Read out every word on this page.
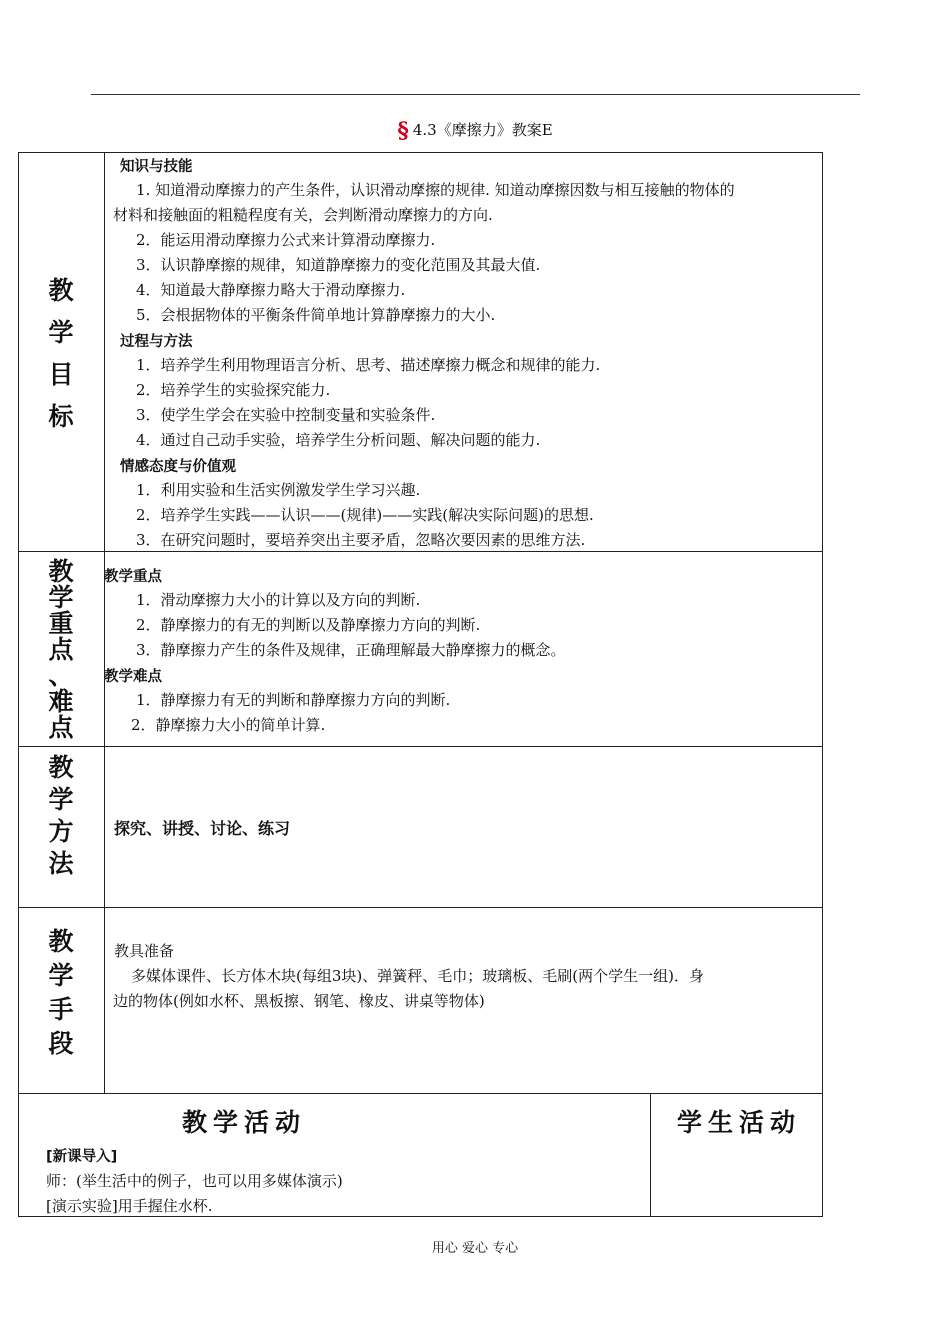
§ 4.3《摩擦力》教案E
教
学
目
标
知识与技能
1. 知道滑动摩擦力的产生条件，认识滑动摩擦的规律. 知道动摩擦因数与相互接触的物体的
材料和接触面的粗糙程度有关，会判断滑动摩擦力的方向.
2．能运用滑动摩擦力公式来计算滑动摩擦力.
3．认识静摩擦的规律，知道静摩擦力的变化范围及其最大值.
4．知道最大静摩擦力略大于滑动摩擦力.
5．会根据物体的平衡条件简单地计算静摩擦力的大小.
过程与方法
1．培养学生利用物理语言分析、思考、描述摩擦力概念和规律的能力.
2．培养学生的实验探究能力.
3．使学生学会在实验中控制变量和实验条件.
4．通过自己动手实验，培养学生分析问题、解决问题的能力.
情感态度与价值观
1．利用实验和生活实例激发学生学习兴趣.
2．培养学生实践——认识——(规律)——实践(解决实际问题)的思想.
3．在研究问题时，要培养突出主要矛盾，忽略次要因素的思维方法.
教
学
重
点
、
难
点
教学重点
1．滑动摩擦力大小的计算以及方向的判断.
2．静摩擦力的有无的判断以及静摩擦力方向的判断.
3．静摩擦力产生的条件及规律，正确理解最大静摩擦力的概念。
教学难点
1．静摩擦力有无的判断和静摩擦力方向的判断.
2．静摩擦力大小的简单计算.
教
学
方
法
探究、讲授、讨论、练习
教
学
手
段
教具准备
多媒体课件、长方体木块(每组3块)、弹簧秤、毛巾；玻璃板、毛刷(两个学生一组)．身
边的物体(例如水杯、黑板擦、钢笔、橡皮、讲桌等物体)
教学活动	学生活动
[新课导入]
师：(举生活中的例子，也可以用多媒体演示)
[演示实验]用手握住水杯.
用心 爱心 专心
